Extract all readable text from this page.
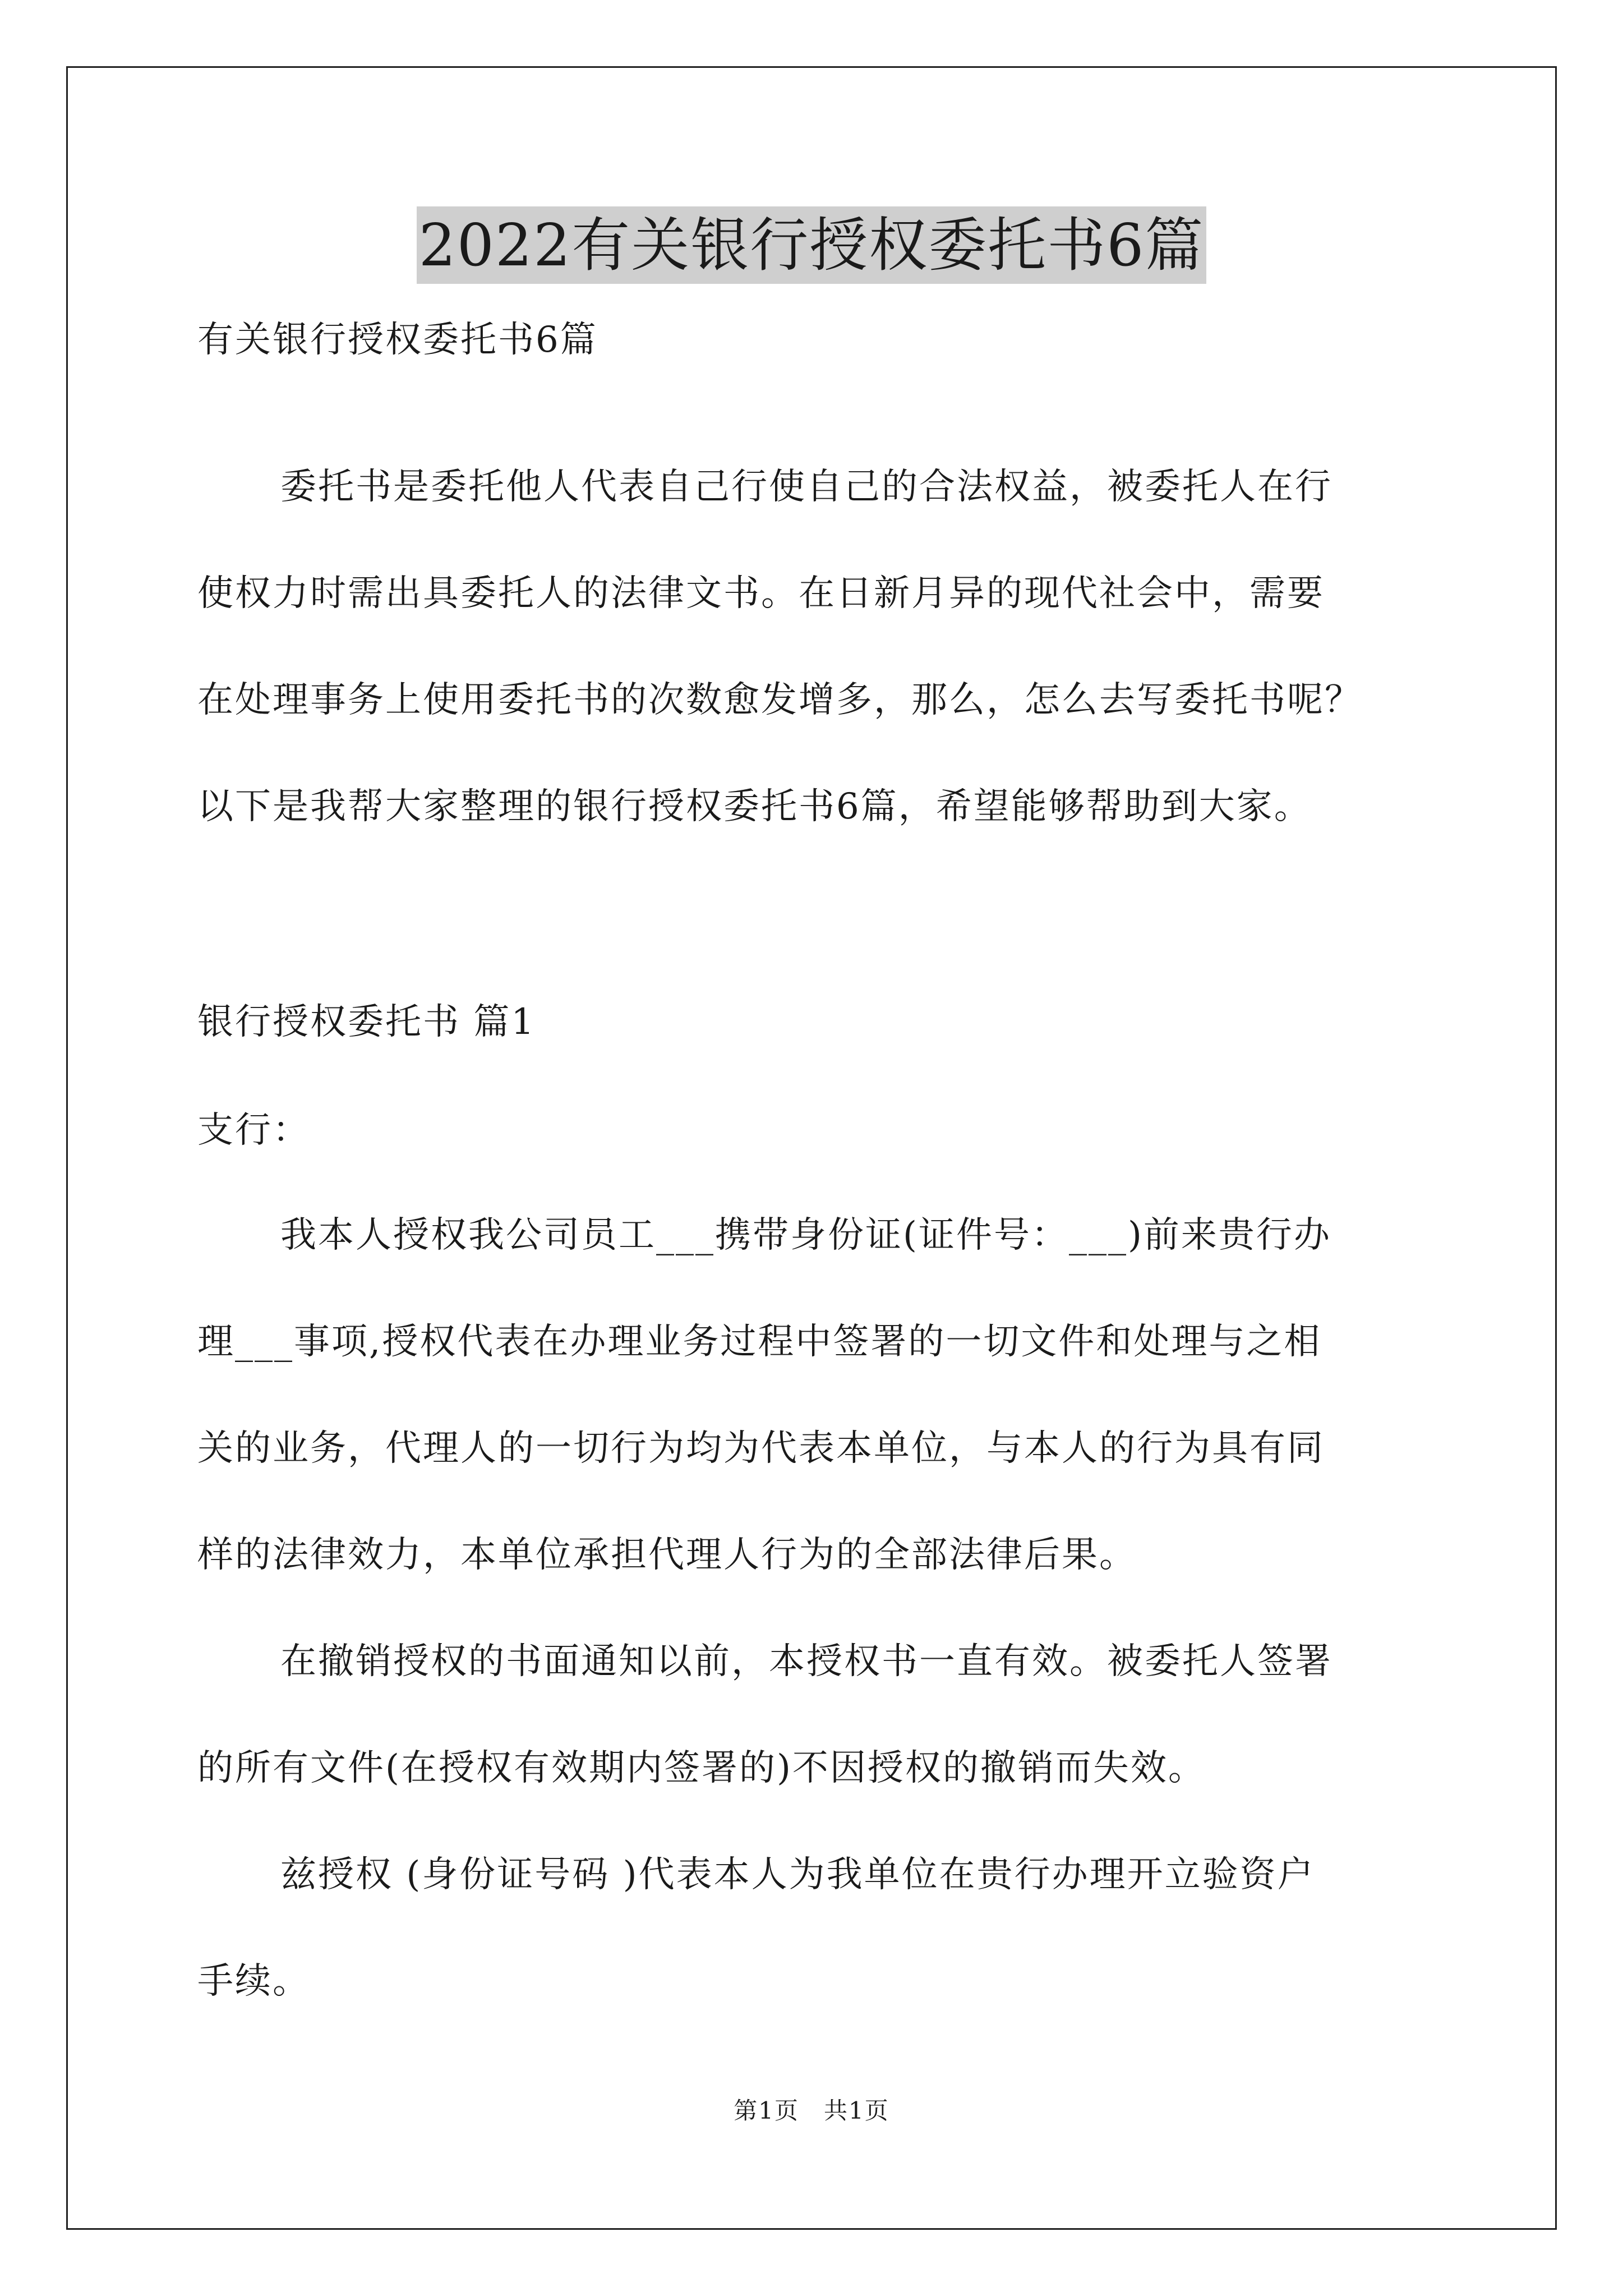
2022有关银行授权委托书6篇

有关银行授权委托书6篇

委托书是委托他人代表自己行使自己的合法权益，被委托人在行

使权力时需出具委托人的法律文书。在日新月异的现代社会中，需要

在处理事务上使用委托书的次数愈发增多，那么，怎么去写委托书呢？

以下是我帮大家整理的银行授权委托书6篇，希望能够帮助到大家。

银行授权委托书 篇1

支行：

我本人授权我公司员工___携带身份证(证件号：___)前来贵行办

理___事项,授权代表在办理业务过程中签署的一切文件和处理与之相

关的业务，代理人的一切行为均为代表本单位，与本人的行为具有同

样的法律效力，本单位承担代理人行为的全部法律后果。

在撤销授权的书面通知以前，本授权书一直有效。被委托人签署

的所有文件(在授权有效期内签署的)不因授权的撤销而失效。

兹授权 (身份证号码 )代表本人为我单位在贵行办理开立验资户

手续。

第1页　共1页
